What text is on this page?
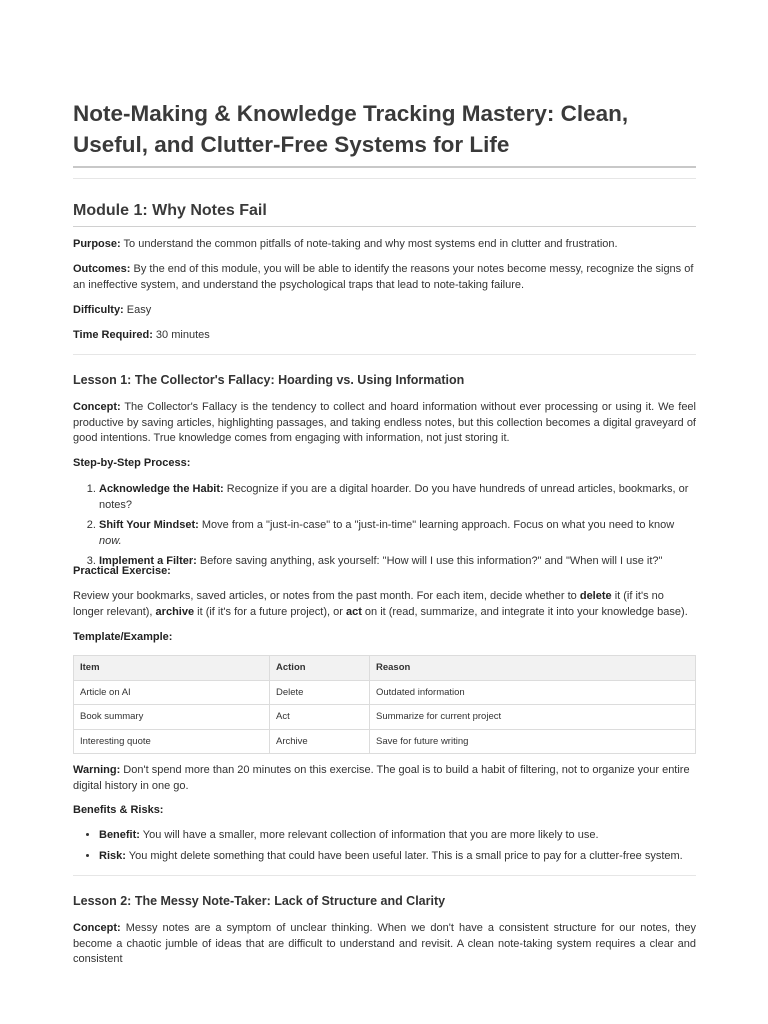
Note-Making & Knowledge Tracking Mastery: Clean, Useful, and Clutter-Free Systems for Life
Module 1: Why Notes Fail

Purpose: To understand the common pitfalls of note-taking and why most systems end in clutter and frustration.

Outcomes: By the end of this module, you will be able to identify the reasons your notes become messy, recognize the signs of an ineffective system, and understand the psychological traps that lead to note-taking failure.

Difficulty: Easy

Time Required: 30 minutes

Lesson 1: The Collector's Fallacy: Hoarding vs. Using Information

Concept: The Collector's Fallacy is the tendency to collect and hoard information without ever processing or using it. We feel productive by saving articles, highlighting passages, and taking endless notes, but this collection becomes a digital graveyard of good intentions. True knowledge comes from engaging with information, not just storing it.

Step-by-Step Process:

1. Acknowledge the Habit: Recognize if you are a digital hoarder. Do you have hundreds of unread articles, bookmarks, or notes?
2. Shift Your Mindset: Move from a "just-in-case" to a "just-in-time" learning approach. Focus on what you need to know now.
3. Implement a Filter: Before saving anything, ask yourself: "How will I use this information?" and "When will I use it?"

Practical Exercise:

Review your bookmarks, saved articles, or notes from the past month. For each item, decide whether to delete it (if it's no longer relevant), archive it (if it's for a future project), or act on it (read, summarize, and integrate it into your knowledge base).

Template/Example:

Item	Action	Reason
Article on AI	Delete	Outdated information
Book summary	Act	Summarize for current project
Interesting quote	Archive	Save for future writing

Warning: Don't spend more than 20 minutes on this exercise. The goal is to build a habit of filtering, not to organize your entire digital history in one go.

Benefits & Risks:

• Benefit: You will have a smaller, more relevant collection of information that you are more likely to use.
• Risk: You might delete something that could have been useful later. This is a small price to pay for a clutter-free system.
Lesson 2: The Messy Note-Taker: Lack of Structure and Clarity

Concept: Messy notes are a symptom of unclear thinking. When we don't have a consistent structure for our notes, they become a chaotic jumble of ideas that are difficult to understand and revisit. A clean note-taking system requires a clear and consistent
